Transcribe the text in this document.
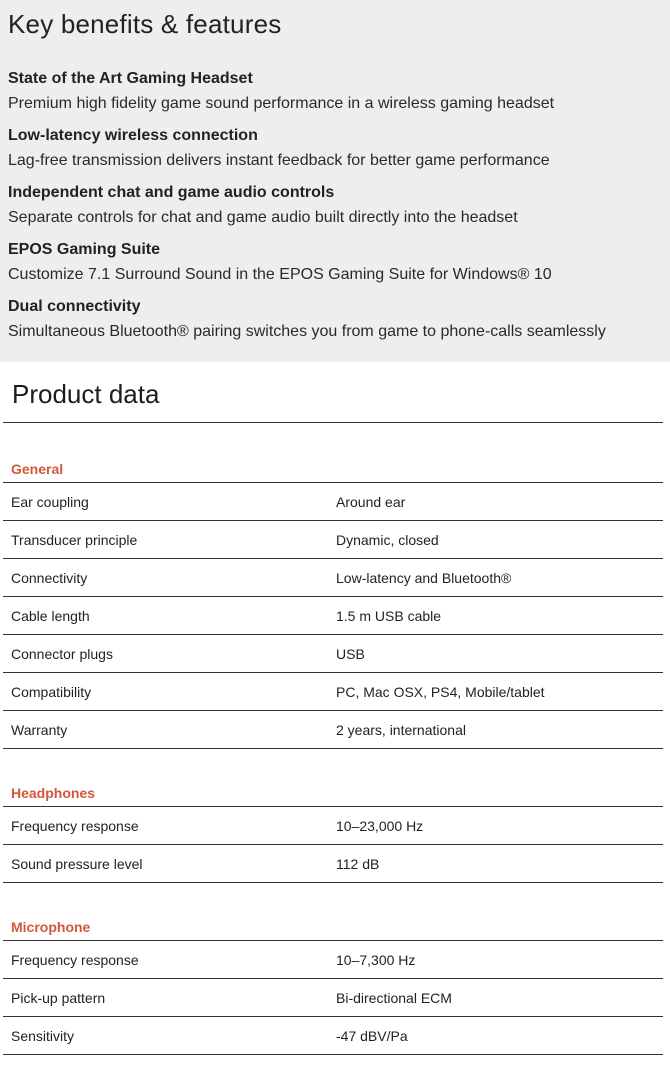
Key benefits & features
State of the Art Gaming Headset
Premium high fidelity game sound performance in a wireless gaming headset
Low-latency wireless connection
Lag-free transmission delivers instant feedback for better game performance
Independent chat and game audio controls
Separate controls for chat and game audio built directly into the headset
EPOS Gaming Suite
Customize 7.1 Surround Sound in the EPOS Gaming Suite for Windows® 10
Dual connectivity
Simultaneous Bluetooth® pairing switches you from game to phone-calls seamlessly
Product data
General
Ear coupling	Around ear
Transducer principle	Dynamic, closed
Connectivity	Low-latency and Bluetooth®
Cable length	1.5 m USB cable
Connector plugs	USB
Compatibility	PC, Mac OSX, PS4, Mobile/tablet
Warranty	2 years, international
Headphones
Frequency response	10–23,000 Hz
Sound pressure level	112 dB
Microphone
Frequency response	10–7,300 Hz
Pick-up pattern	Bi-directional ECM
Sensitivity	-47 dBV/Pa
